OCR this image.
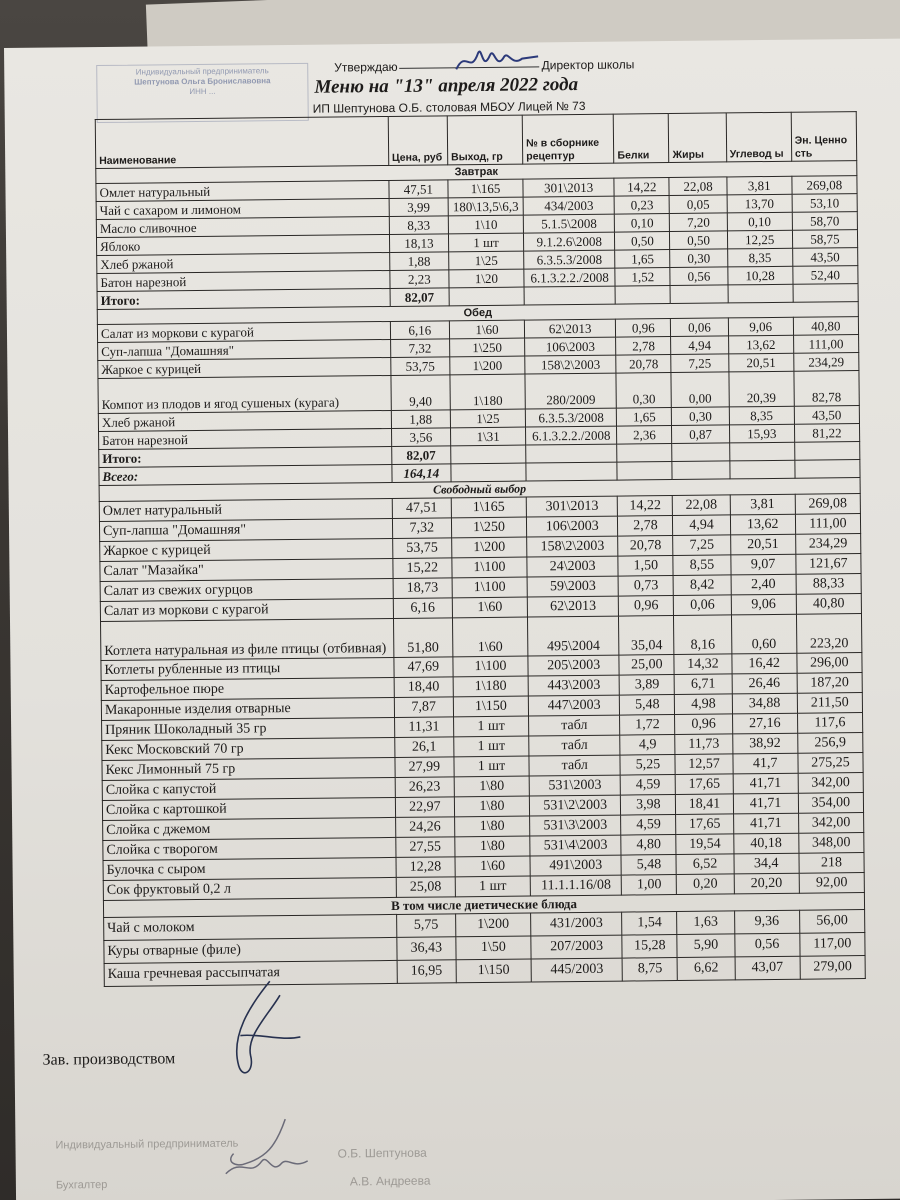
Индивидуальный предприниматель
Шептунова Ольга Брониславовна
ИНН ...
Утверждаю	Директор школы
Меню на "13" апреля 2022 года
ИП Шептунова О.Б. столовая МБОУ Лицей № 73
Наименование	Цена, руб	Выход, гр	№ в сборнике рецептур	Белки	Жиры	Углевод ы	Эн. Ценно сть
Завтрак							
Омлет натуральный	47,51	1\165	301\2013	14,22	22,08	3,81	269,08
Чай с сахаром и лимоном	3,99	180\13,5\6,3	434/2003	0,23	0,05	13,70	53,10
Масло сливочное	8,33	1\10	5.1.5\2008	0,10	7,20	0,10	58,70
Яблоко	18,13	1 шт	9.1.2.6\2008	0,50	0,50	12,25	58,75
Хлеб ржаной	1,88	1\25	6.3.5.3/2008	1,65	0,30	8,35	43,50
Батон нарезной	2,23	1\20	6.1.3.2.2./2008	1,52	0,56	10,28	52,40
Итого:	82,07						
Обед							
Салат из моркови с курагой	6,16	1\60	62\2013	0,96	0,06	9,06	40,80
Суп-лапша "Домашняя"	7,32	1\250	106\2003	2,78	4,94	13,62	111,00
Жаркое с курицей	53,75	1\200	158\2\2003	20,78	7,25	20,51	234,29
Компот из плодов и ягод сушеных (курага)	9,40	1\180	280/2009	0,30	0,00	20,39	82,78
Хлеб ржаной	1,88	1\25	6.3.5.3/2008	1,65	0,30	8,35	43,50
Батон нарезной	3,56	1\31	6.1.3.2.2./2008	2,36	0,87	15,93	81,22
Итого:	82,07						
Всего:	164,14						
Свободный выбор							
Омлет натуральный	47,51	1\165	301\2013	14,22	22,08	3,81	269,08
Суп-лапша "Домашняя"	7,32	1\250	106\2003	2,78	4,94	13,62	111,00
Жаркое с курицей	53,75	1\200	158\2\2003	20,78	7,25	20,51	234,29
Салат "Мазайка"	15,22	1\100	24\2003	1,50	8,55	9,07	121,67
Салат из свежих огурцов	18,73	1\100	59\2003	0,73	8,42	2,40	88,33
Салат из моркови с курагой	6,16	1\60	62\2013	0,96	0,06	9,06	40,80
Котлета натуральная из филе птицы (отбивная)	51,80	1\60	495\2004	35,04	8,16	0,60	223,20
Котлеты рубленные из птицы	47,69	1\100	205\2003	25,00	14,32	16,42	296,00
Картофельное пюре	18,40	1\180	443\2003	3,89	6,71	26,46	187,20
Макаронные изделия отварные	7,87	1\150	447\2003	5,48	4,98	34,88	211,50
Пряник Шоколадный 35 гр	11,31	1 шт	табл	1,72	0,96	27,16	117,6
Кекс Московский 70 гр	26,1	1 шт	табл	4,9	11,73	38,92	256,9
Кекс Лимонный 75 гр	27,99	1 шт	табл	5,25	12,57	41,7	275,25
Слойка с капустой	26,23	1\80	531\2003	4,59	17,65	41,71	342,00
Слойка с картошкой	22,97	1\80	531\2\2003	3,98	18,41	41,71	354,00
Слойка с джемом	24,26	1\80	531\3\2003	4,59	17,65	41,71	342,00
Слойка с творогом	27,55	1\80	531\4\2003	4,80	19,54	40,18	348,00
Булочка с сыром	12,28	1\60	491\2003	5,48	6,52	34,4	218
Сок фруктовый 0,2 л	25,08	1 шт	11.1.1.16/08	1,00	0,20	20,20	92,00
В том числе диетические блюда							
Чай с молоком	5,75	1\200	431/2003	1,54	1,63	9,36	56,00
Куры отварные (филе)	36,43	1\50	207/2003	15,28	5,90	0,56	117,00
Каша гречневая рассыпчатая	16,95	1\150	445/2003	8,75	6,62	43,07	279,00
Зав. производством
Индивидуальный предприниматель
О.Б. Шептунова
Бухгалтер	А.В. Андреева
